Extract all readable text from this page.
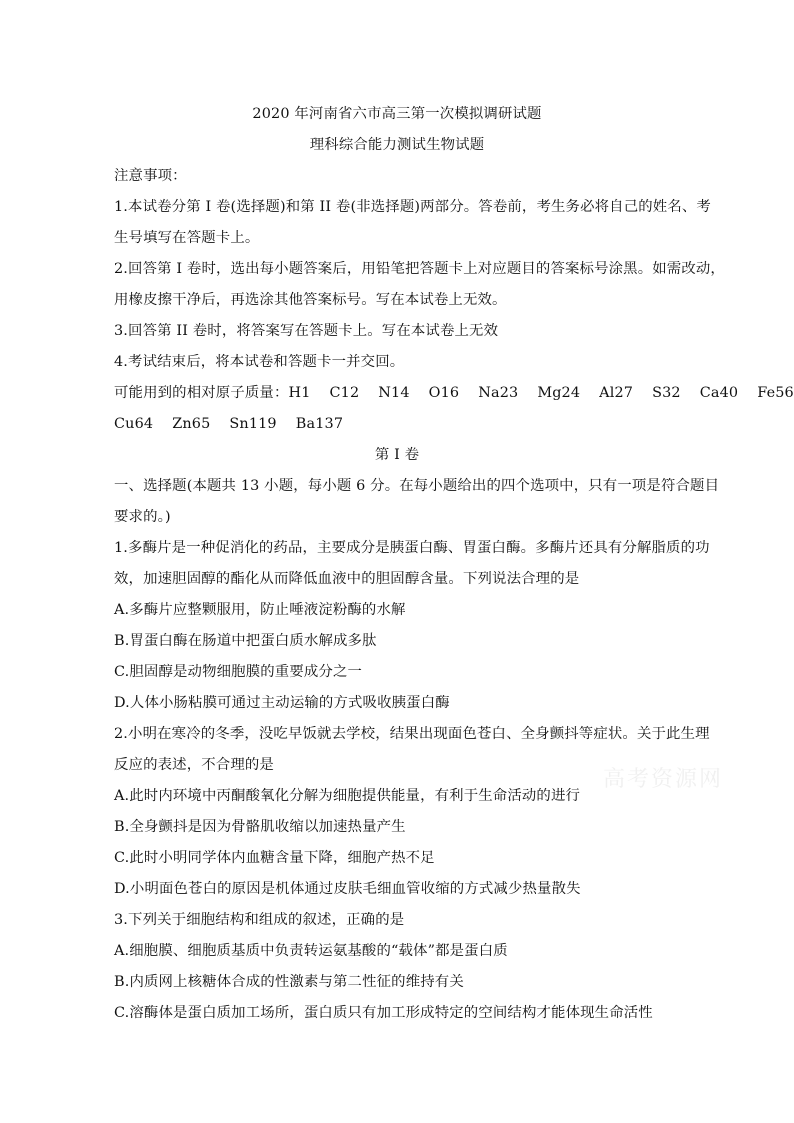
2020 年河南省六市高三第一次模拟调研试题
理科综合能力测试生物试题
注意事项：
1.本试卷分第 I 卷(选择题)和第 II 卷(非选择题)两部分。答卷前，考生务必将自己的姓名、考
生号填写在答题卡上。
2.回答第 I 卷时，选出每小题答案后，用铅笔把答题卡上对应题目的答案标号涂黑。如需改动，
用橡皮擦干净后，再选涂其他答案标号。写在本试卷上无效。
3.回答第 II 卷时，将答案写在答题卡上。写在本试卷上无效
4.考试结束后，将本试卷和答题卡一并交回。
可能用到的相对原子质量：H1 C12 N14 O16 Na23 Mg24 Al27 S32 Ca40 Fe56
Cu64 Zn65 Sn119 Ba137
第 I 卷
一、选择题(本题共 13 小题，每小题 6 分。在每小题给出的四个选项中，只有一项是符合题目
要求的。)
1.多酶片是一种促消化的药品，主要成分是胰蛋白酶、胃蛋白酶。多酶片还具有分解脂质的功
效，加速胆固醇的酯化从而降低血液中的胆固醇含量。下列说法合理的是
A.多酶片应整颗服用，防止唾液淀粉酶的水解
B.胃蛋白酶在肠道中把蛋白质水解成多肽
C.胆固醇是动物细胞膜的重要成分之一
D.人体小肠粘膜可通过主动运输的方式吸收胰蛋白酶
2.小明在寒冷的冬季，没吃早饭就去学校，结果出现面色苍白、全身颤抖等症状。关于此生理
反应的表述，不合理的是
A.此时内环境中丙酮酸氧化分解为细胞提供能量，有利于生命活动的进行
B.全身颤抖是因为骨骼肌收缩以加速热量产生
C.此时小明同学体内血糖含量下降，细胞产热不足
D.小明面色苍白的原因是机体通过皮肤毛细血管收缩的方式减少热量散失
3.下列关于细胞结构和组成的叙述，正确的是
A.细胞膜、细胞质基质中负责转运氨基酸的“载体”都是蛋白质
B.内质网上核糖体合成的性激素与第二性征的维持有关
C.溶酶体是蛋白质加工场所，蛋白质只有加工形成特定的空间结构才能体现生命活性
高考资源网
